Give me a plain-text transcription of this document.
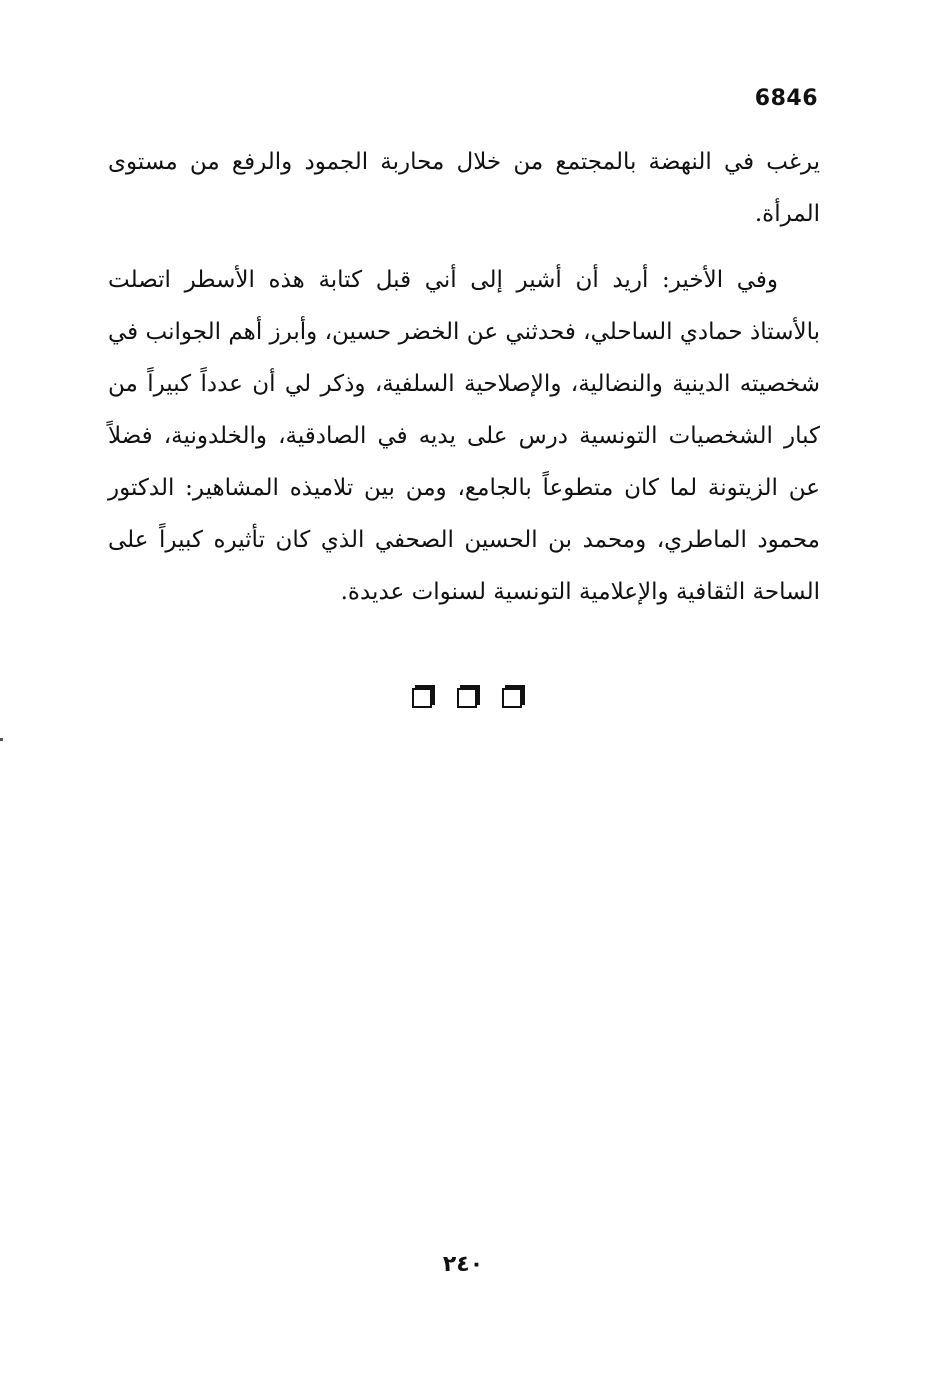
6846

يرغب في النهضة بالمجتمع من خلال محاربة الجمود والرفع من مستوى المرأة.

وفي الأخير: أريد أن أشير إلى أني قبل كتابة هذه الأسطر اتصلت بالأستاذ حمادي الساحلي، فحدثني عن الخضر حسين، وأبرز أهم الجوانب في شخصيته الدينية والنضالية، والإصلاحية السلفية، وذكر لي أن عدداً كبيراً من كبار الشخصيات التونسية درس على يديه في الصادقية، والخلدونية، فضلاً عن الزيتونة لما كان متطوعاً بالجامع، ومن بين تلاميذه المشاهير: الدكتور محمود الماطري، ومحمد بن الحسين الصحفي الذي كان تأثيره كبيراً على الساحة الثقافية والإعلامية التونسية لسنوات عديدة.

٢٤٠
